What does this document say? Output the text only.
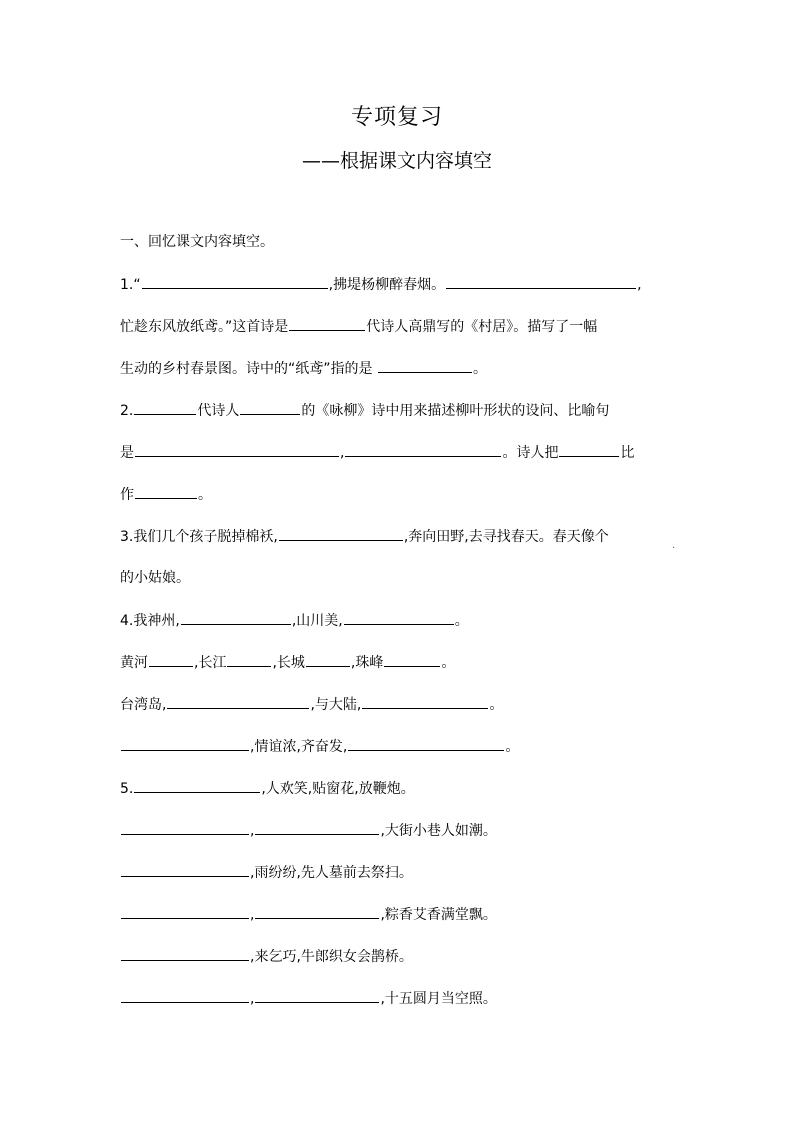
专项复习
——根据课文内容填空
一、回忆课文内容填空。
1.“	,拂堤杨柳醉春烟。	,
忙趁东风放纸鸢。”这首诗是	代诗人高鼎写的《村居》。描写了一幅
生动的乡村春景图。诗中的“纸鸢”指的是	。
2.	代诗人	的《咏柳》诗中用来描述柳叶形状的设问、比喻句
是	,	。诗人把	比
作	。
3.我们几个孩子脱掉棉袄,	,奔向田野,去寻找春天。春天像个
.
的小姑娘。
4.我神州,	,山川美,	。
黄河	,长江	,长城	,珠峰	。
台湾岛,	,与大陆,	。
,情谊浓,齐奋发,	。
5.	,人欢笑,贴窗花,放鞭炮。
,	,大街小巷人如潮。
,雨纷纷,先人墓前去祭扫。
,	,粽香艾香满堂飘。
,来乞巧,牛郎织女会鹊桥。
,	,十五圆月当空照。
